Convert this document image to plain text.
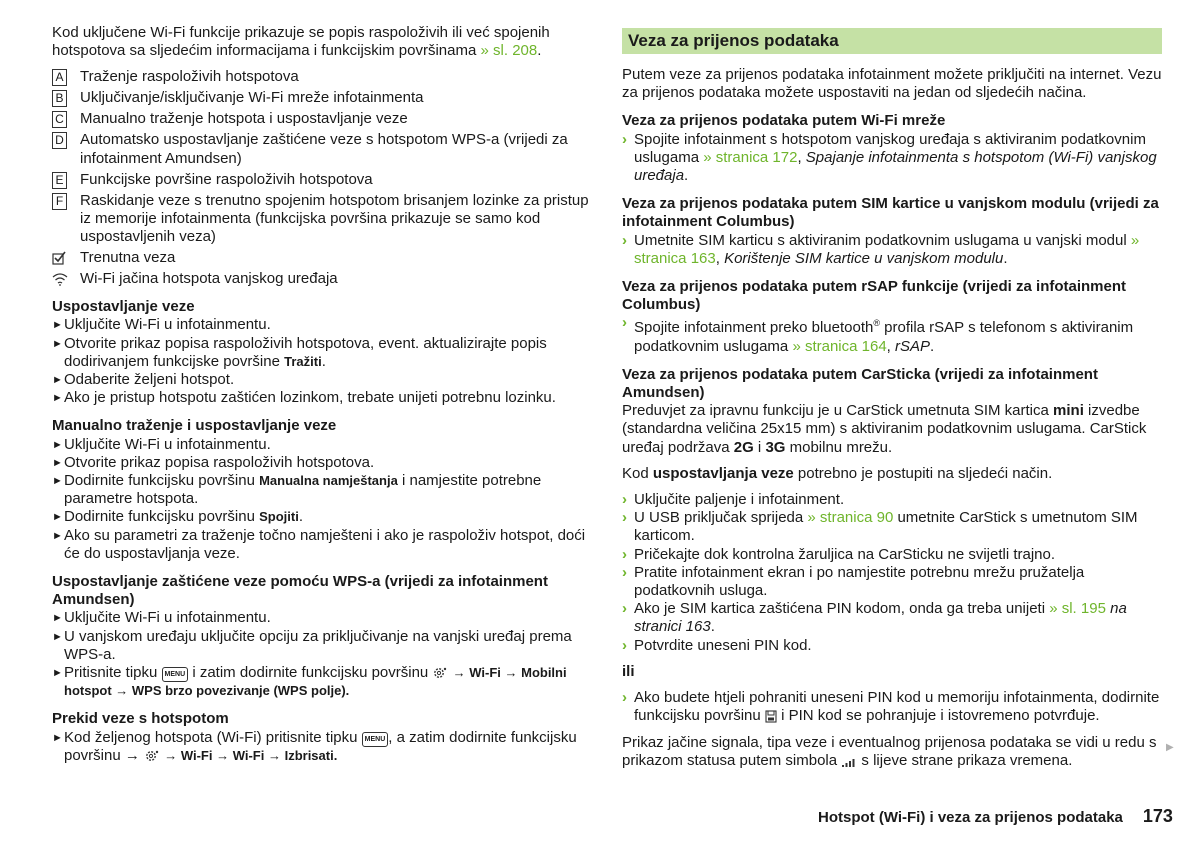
Kod uključene Wi-Fi funkcije prikazuje se popis raspoloživih ili već spojenih hotspotova sa sljedećim informacijama i funkcijskim površinama » sl. 208.

A	Traženje raspoloživih hotspotova
B	Uključivanje/isključivanje Wi-Fi mreže infotainmenta
C	Manualno traženje hotspota i uspostavljanje veze
D	Automatsko uspostavljanje zaštićene veze s hotspotom WPS-a (vrijedi za infotainment Amundsen)
E	Funkcijske površine raspoloživih hotspotova
F	Raskidanje veze s trenutno spojenim hotspotom brisanjem lozinke za pristup iz memorije infotainmenta (funkcijska površina prikazuje se samo kod uspostavljenih veza)
Trenutna veza
Wi-Fi jačina hotspota vanjskog uređaja
Uspostavljanje veze
► Uključite Wi-Fi u infotainmentu.
► Otvorite prikaz popisa raspoloživih hotspotova, event. aktualizirajte popis dodirivanjem funkcijske površine Tražiti.
► Odaberite željeni hotspot.
► Ako je pristup hotspotu zaštićen lozinkom, trebate unijeti potrebnu lozinku.
Manualno traženje i uspostavljanje veze
► Uključite Wi-Fi u infotainmentu.
► Otvorite prikaz popisa raspoloživih hotspotova.
► Dodirnite funkcijsku površinu Manualna namještanja i namjestite potrebne parametre hotspota.
► Dodirnite funkcijsku površinu Spojiti.
► Ako su parametri za traženje točno namješteni i ako je raspoloživ hotspot, doći će do uspostavljanja veze.
Uspostavljanje zaštićene veze pomoću WPS-a (vrijedi za infotainment Amundsen)
► Uključite Wi-Fi u infotainmentu.
► U vanjskom uređaju uključite opciju za priključivanje na vanjski uređaj prema WPS-a.
► Pritisnite tipku MENU i zatim dodirnite funkcijsku površinu  → Wi-Fi → Mobilni hotspot → WPS brzo povezivanje (WPS polje).
Prekid veze s hotspotom
► Kod željenog hotspota (Wi-Fi) pritisnite tipku MENU , a zatim dodirnite funkcijsku površinu →  → Wi-Fi → Wi-Fi → Izbrisati.
Veza za prijenos podataka

Putem veze za prijenos podataka infotainment možete priključiti na internet. Vezu za prijenos podataka možete uspostaviti na jedan od sljedećih načina.

Veza za prijenos podataka putem Wi-Fi mreže
› Spojite infotainment s hotspotom vanjskog uređaja s aktiviranim podatkovnim uslugama » stranica 172, Spajanje infotainmenta s hotspotom (Wi-Fi) vanjskog uređaja.
Veza za prijenos podataka putem SIM kartice u vanjskom modulu (vrijedi za infotainment Columbus)
› Umetnite SIM karticu s aktiviranim podatkovnim uslugama u vanjski modul » stranica 163, Korištenje SIM kartice u vanjskom modulu.
Veza za prijenos podataka putem rSAP funkcije (vrijedi za infotainment Columbus)
› Spojite infotainment preko bluetooth® profila rSAP s telefonom s aktiviranim podatkovnim uslugama » stranica 164, rSAP.
Veza za prijenos podataka putem CarSticka (vrijedi za infotainment Amundsen)

Preduvjet za ipravnu funkciju je u CarStick umetnuta SIM kartica mini izvedbe (standardna veličina 25x15 mm) s aktiviranim podatkovnim uslugama. CarStick uređaj podržava 2G i 3G mobilnu mrežu.

Kod uspostavljanja veze potrebno je postupiti na sljedeći način.

› Uključite paljenje i infotainment.
› U USB priključak sprijeda » stranica 90 umetnite CarStick s umetnutom SIM karticom.
› Pričekajte dok kontrolna žaruljica na CarSticku ne svijetli trajno.
› Pratite infotainment ekran i po namjestite potrebnu mrežu pružatelja podatkovnih usluga.
› Ako je SIM kartica zaštićena PIN kodom, onda ga treba unijeti » sl. 195 na stranici 163.
› Potvrdite uneseni PIN kod.

ili

› Ako budete htjeli pohraniti uneseni PIN kod u memoriju infotainmenta, dodirnite funkcijsku površinu  i PIN kod se pohranjuje i istovremeno potvrđuje.

Prikaz jačine signala, tipa veze i eventualnog prijenosa podataka se vidi u redu s prikazom statusa putem simbola  s lijeve strane prikaza vremena.

▶
Hotspot (Wi-Fi) i veza za prijenos podataka 173
